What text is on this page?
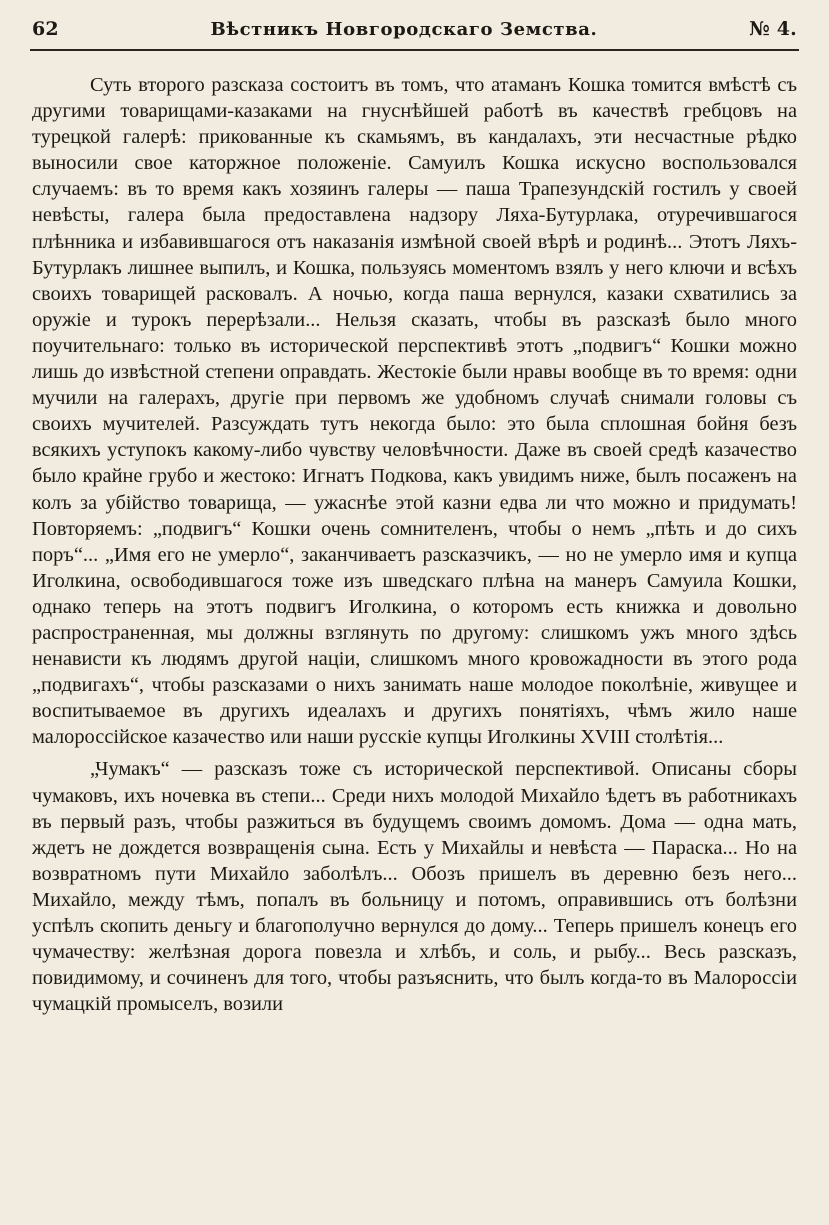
62	Вѣстникъ Новгородскаго Земства.	№ 4.

Суть второго разсказа состоитъ въ томъ, что атаманъ Кошка томится вмѣстѣ съ другими товарищами-казаками на гнуснѣйшей работѣ въ качествѣ гребцовъ на турецкой галерѣ: прикованные къ скамьямъ, въ кандалахъ, эти несчастные рѣдко выносили свое каторжное положеніе. Самуилъ Кошка искусно воспользовался случаемъ: въ то время какъ хозяинъ галеры — паша Трапезундскій гостилъ у своей невѣсты, галера была предоставлена надзору Ляха-Бутурлака, отуречившагося плѣнника и избавившагося отъ наказанія измѣной своей вѣрѣ и родинѣ... Этотъ Ляхъ-Бутурлакъ лишнее выпилъ, и Кошка, пользуясь моментомъ взялъ у него ключи и всѣхъ своихъ товарищей расковалъ. А ночью, когда паша вернулся, казаки схватились за оружіе и турокъ перерѣзали... Нельзя сказать, чтобы въ разсказѣ было много поучительнаго: только въ исторической перспективѣ этотъ „подвигъ“ Кошки можно лишь до извѣстной степени оправдать. Жестокіе были нравы вообще въ то время: одни мучили на галерахъ, другіе при первомъ же удобномъ случаѣ снимали головы съ своихъ мучителей. Разсуждать тутъ некогда было: это была сплошная бойня безъ всякихъ уступокъ какому-либо чувству человѣчности. Даже въ своей средѣ казачество было крайне грубо и жестоко: Игнатъ Подкова, какъ увидимъ ниже, былъ посаженъ на колъ за убійство товарища, — ужаснѣе этой казни едва ли что можно и придумать! Повторяемъ: „подвигъ“ Кошки очень сомнителенъ, чтобы о немъ „пѣть и до сихъ поръ“... „Имя его не умерло“, заканчиваетъ разсказчикъ, — но не умерло имя и купца Иголкина, освободившагося тоже изъ шведскаго плѣна на манеръ Самуила Кошки, однако теперь на этотъ подвигъ Иголкина, о которомъ есть книжка и довольно распространенная, мы должны взглянуть по другому: слишкомъ ужъ много здѣсь ненависти къ людямъ другой націи, слишкомъ много кровожадности въ этого рода „подвигахъ“, чтобы разсказами о нихъ занимать наше молодое поколѣніе, живущее и воспитываемое въ другихъ идеалахъ и другихъ понятіяхъ, чѣмъ жило наше малороссійское казачество или наши русскіе купцы Иголкины XVIII столѣтія...

„Чумакъ“ — разсказъ тоже съ исторической перспективой. Описаны сборы чумаковъ, ихъ ночевка въ степи... Среди нихъ молодой Михайло ѣдетъ въ работникахъ въ первый разъ, чтобы разжиться въ будущемъ своимъ домомъ. Дома — одна мать, ждетъ не дождется возвращенія сына. Есть у Михайлы и невѣста — Параска... Но на возвратномъ пути Михайло заболѣлъ... Обозъ пришелъ въ деревню безъ него... Михайло, между тѣмъ, попалъ въ больницу и потомъ, оправившись отъ болѣзни успѣлъ скопить деньгу и благополучно вернулся до дому... Теперь пришелъ конецъ его чумачеству: желѣзная дорога повезла и хлѣбъ, и соль, и рыбу... Весь разсказъ, повидимому, и сочиненъ для того, чтобы разъяснить, что былъ когда-то въ Малороссіи чумацкій промыселъ, возили
